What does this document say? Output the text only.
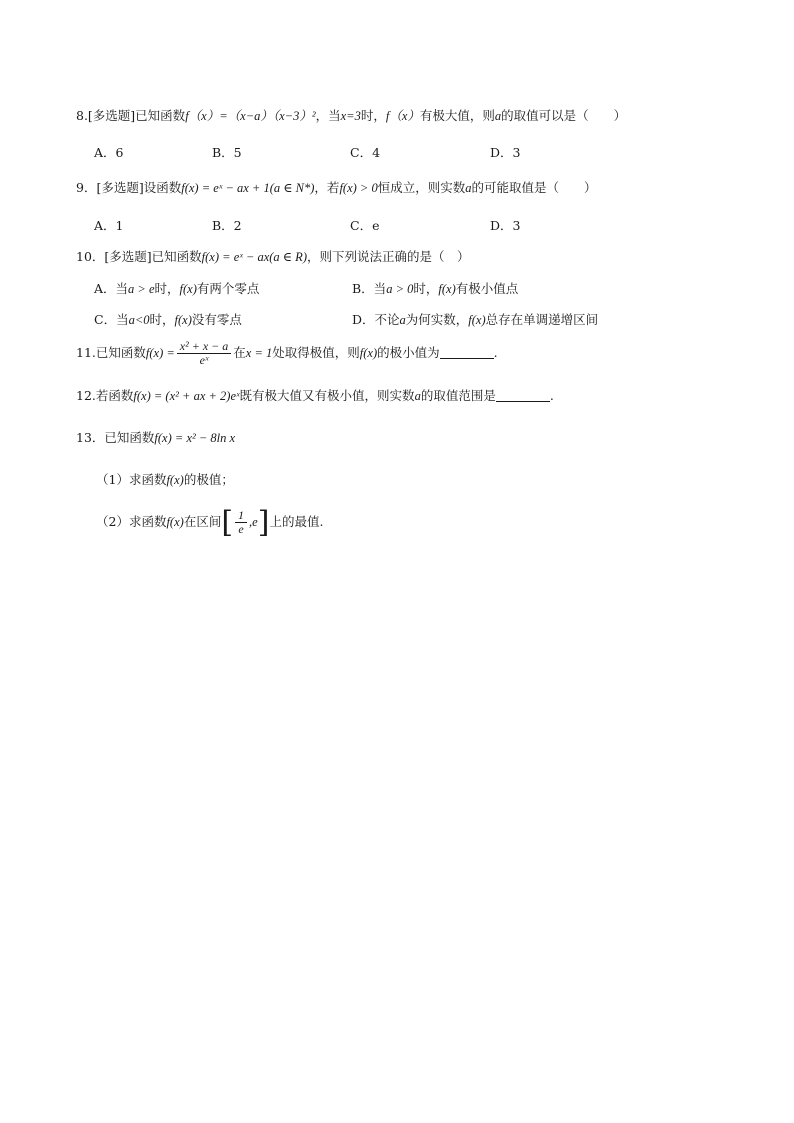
8.[多选题]已知函数f（x）=（x−a）（x−3）²，当x=3时，f（x）有极大值，则a的取值可以是（　　）
A．6	B．5	C．4	D．3
9．[多选题]设函数f(x) = eˣ − ax + 1(a ∈ N*)，若f(x) > 0恒成立，则实数a的可能取值是（　　）
A．1	B．2	C．e	D．3
10．[多选题]已知函数f(x) = eˣ − ax(a ∈ R)，则下列说法正确的是（　）
A．当a > e时，f(x)有两个零点	B．当a > 0时，f(x)有极小值点
C．当a<0时，f(x)没有零点	D．不论a为何实数，f(x)总存在单调递增区间
11.已知函数$f(x) = \frac{\text{x² + x − a}}{\text{eˣ}}$ 在x = 1处取得极值，则f(x)的极小值为	.
12.若函数f(x) = (x² + ax + 2)eˣ既有极大值又有极小值，则实数a的取值范围是	.
13．已知函数f(x) = x² − 8ln x
（1）求函数f(x)的极值；
（2）求函数f(x)在区间[ $\frac{1}{e} ,e$]上的最值.
